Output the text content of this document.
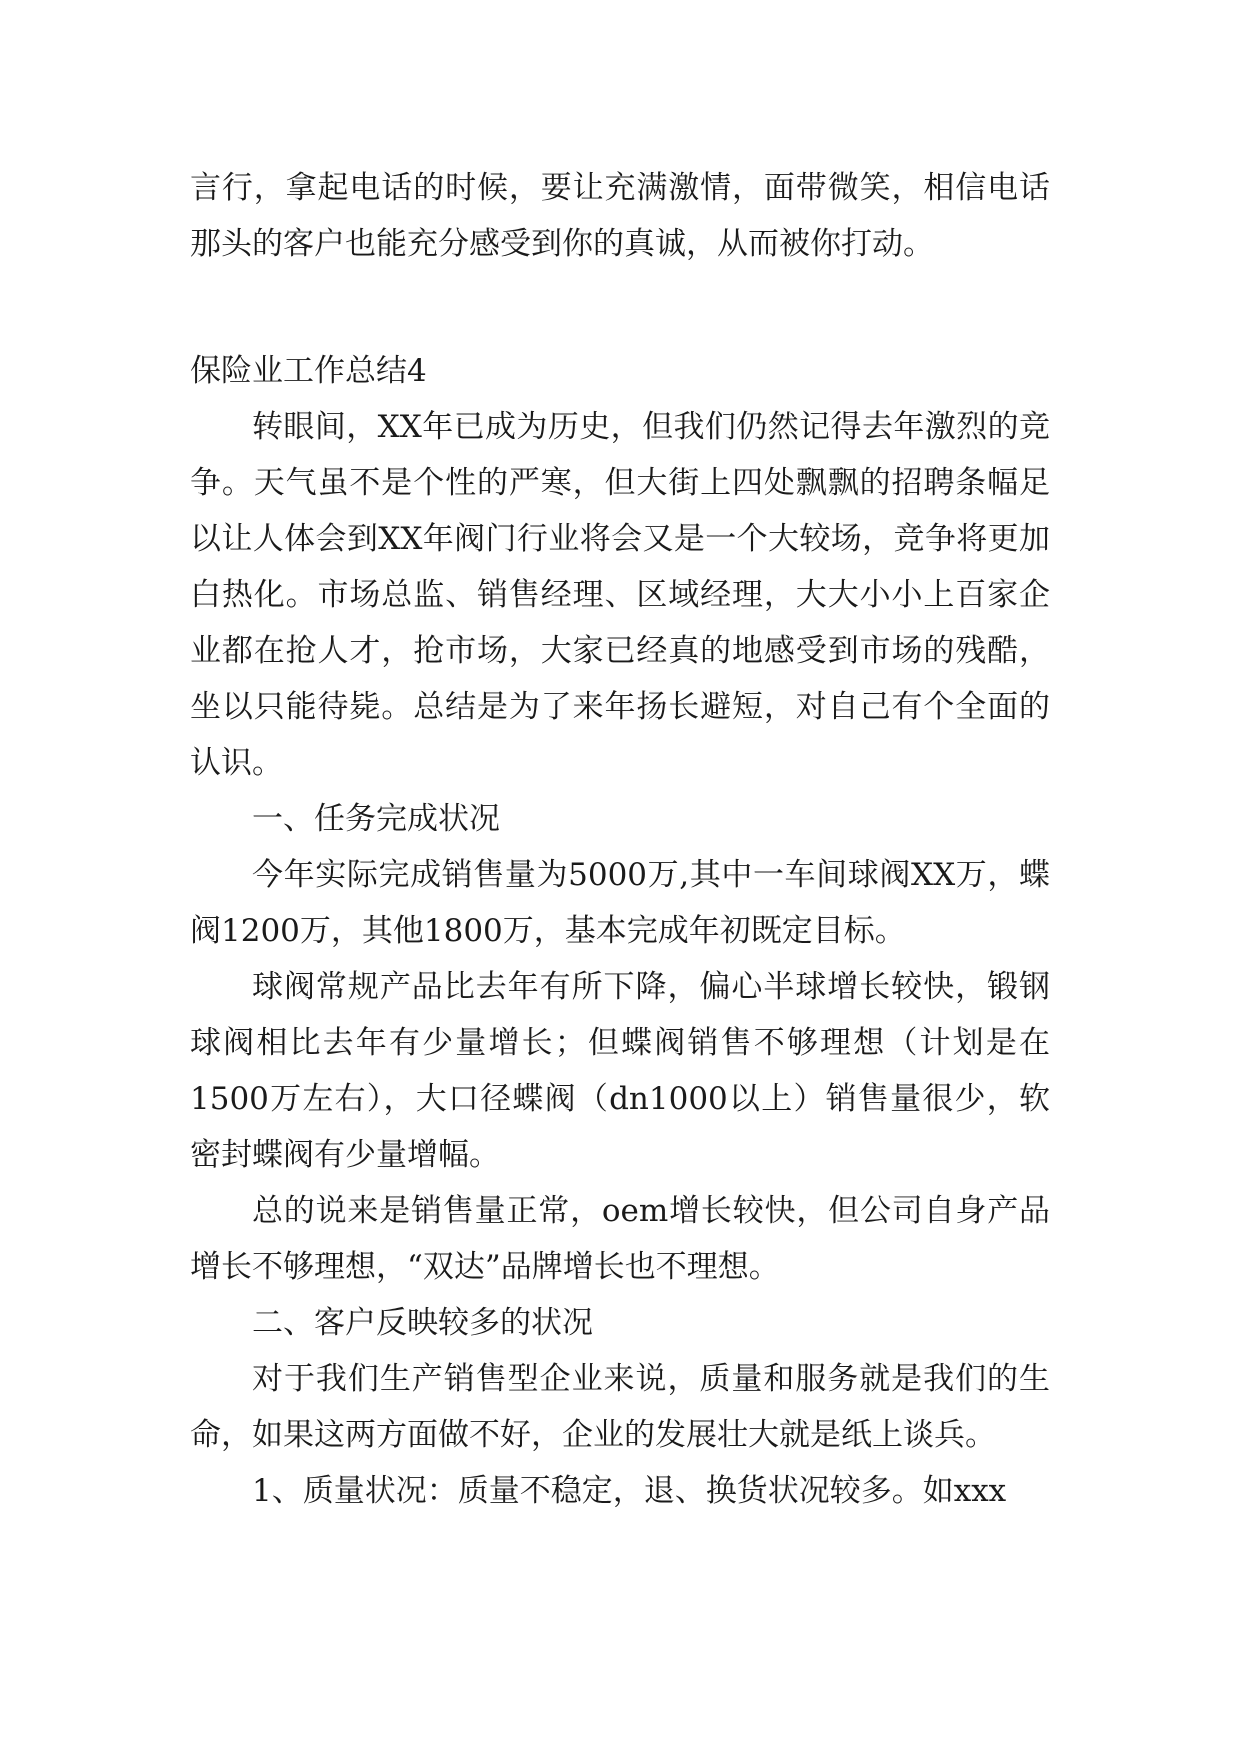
言行，拿起电话的时候，要让充满激情，面带微笑，相信电话那头的客户也能充分感受到你的真诚，从而被你打动。

保险业工作总结4

转眼间，XX年已成为历史，但我们仍然记得去年激烈的竞争。天气虽不是个性的严寒，但大街上四处飘飘的招聘条幅足以让人体会到XX年阀门行业将会又是一个大较场，竞争将更加白热化。市场总监、销售经理、区域经理，大大小小上百家企业都在抢人才，抢市场，大家已经真的地感受到市场的残酷，坐以只能待毙。总结是为了来年扬长避短，对自己有个全面的认识。

一、任务完成状况

今年实际完成销售量为5000万,其中一车间球阀XX万，蝶阀1200万，其他1800万，基本完成年初既定目标。

球阀常规产品比去年有所下降，偏心半球增长较快，锻钢球阀相比去年有少量增长；但蝶阀销售不够理想（计划是在1500万左右），大口径蝶阀（dn1000以上）销售量很少，软密封蝶阀有少量增幅。

总的说来是销售量正常，oem增长较快，但公司自身产品增长不够理想，“双达”品牌增长也不理想。

二、客户反映较多的状况

对于我们生产销售型企业来说，质量和服务就是我们的生命，如果这两方面做不好，企业的发展壮大就是纸上谈兵。

1、质量状况：质量不稳定，退、换货状况较多。如xxx
